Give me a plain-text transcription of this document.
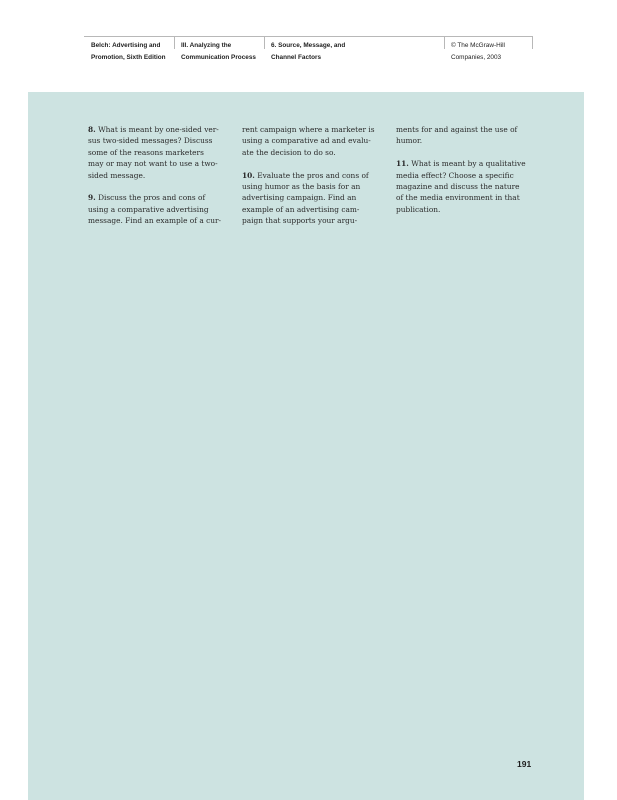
Belch: Advertising and
Promotion, Sixth Edition
III. Analyzing the
Communication Process
6. Source, Message, and
Channel Factors
© The McGraw-Hill
Companies, 2003

8. What is meant by one-sided ver-
sus two-sided messages? Discuss
some of the reasons marketers
may or may not want to use a two-
sided message.

9. Discuss the pros and cons of
using a comparative advertising
message. Find an example of a cur-

rent campaign where a marketer is
using a comparative ad and evalu-
ate the decision to do so.

10. Evaluate the pros and cons of
using humor as the basis for an
advertising campaign. Find an
example of an advertising cam-
paign that supports your argu-

ments for and against the use of
humor.

11. What is meant by a qualitative
media effect? Choose a specific
magazine and discuss the nature
of the media environment in that
publication.

191
